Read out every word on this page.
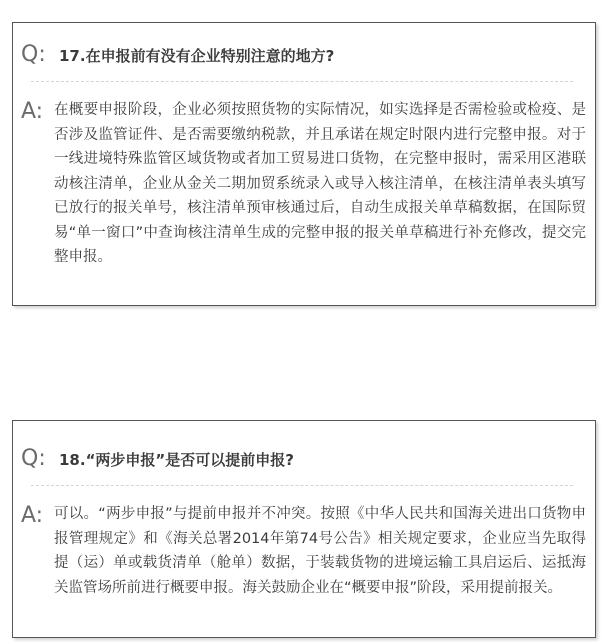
Q: 17.在申报前有没有企业特别注意的地方?
A: 在概要申报阶段，企业必须按照货物的实际情况，如实选择是否需检验或检疫、是否涉及监管证件、是否需要缴纳税款，并且承诺在规定时限内进行完整申报。对于一线进境特殊监管区域货物或者加工贸易进口货物，在完整申报时，需采用区港联动核注清单，企业从金关二期加贸系统录入或导入核注清单，在核注清单表头填写已放行的报关单号，核注清单预审核通过后，自动生成报关单草稿数据，在国际贸易“单一窗口”中查询核注清单生成的完整申报的报关单草稿进行补充修改，提交完整申报。
Q: 18.“两步申报”是否可以提前申报?
A: 可以。“两步申报”与提前申报并不冲突。按照《中华人民共和国海关进出口货物申报管理规定》和《海关总署2014年第74号公告》相关规定要求，企业应当先取得提（运）单或载货清单（舱单）数据，于装载货物的进境运输工具启运后、运抵海关监管场所前进行概要申报。海关鼓励企业在“概要申报”阶段，采用提前报关。
